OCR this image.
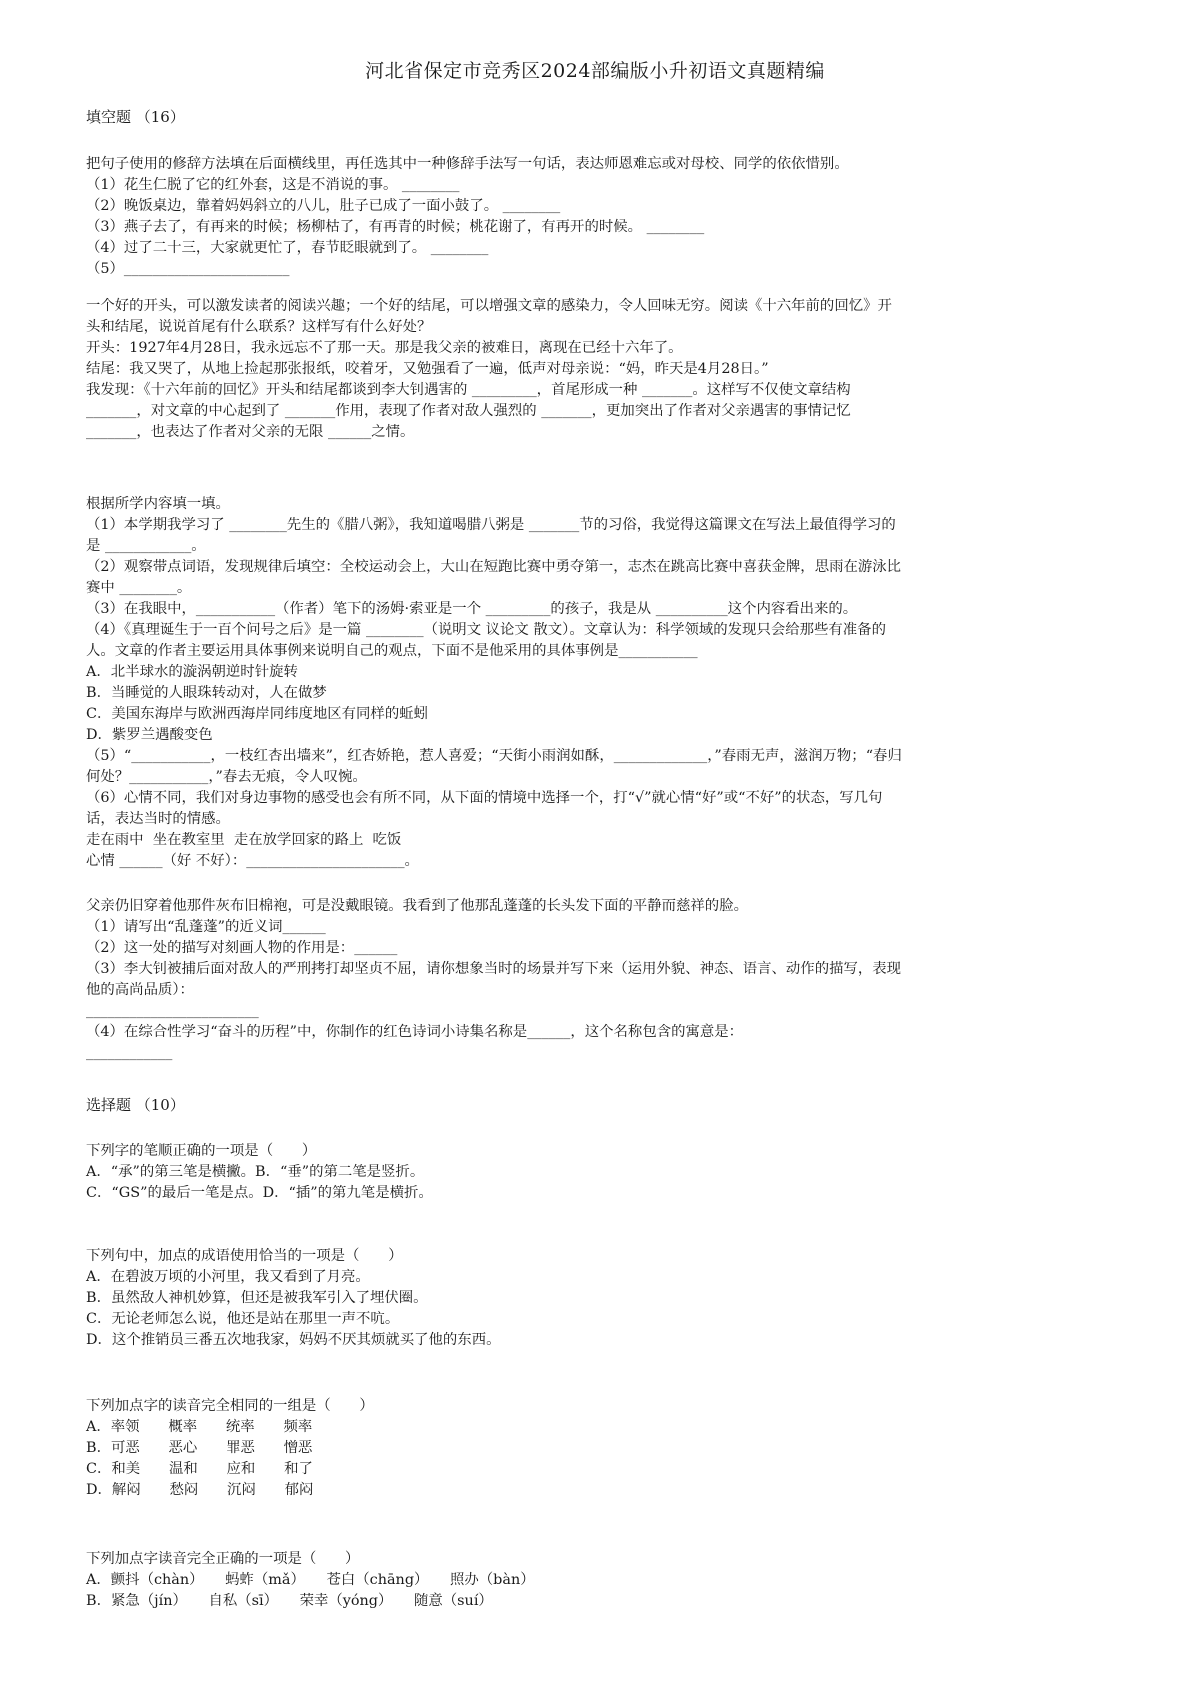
河北省保定市竞秀区2024部编版小升初语文真题精编
填空题 （16）
把句子使用的修辞方法填在后面横线里，再任选其中一种修辞手法写一句话，表达师恩难忘或对母校、同学的依依惜别。
（1）花生仁脱了它的红外套，这是不消说的事。 ________
（2）晚饭桌边，靠着妈妈斜立的八儿，肚子已成了一面小鼓了。 ________
（3）燕子去了，有再来的时候；杨柳枯了，有再青的时候；桃花谢了，有再开的时候。 ________
（4）过了二十三，大家就更忙了，春节眨眼就到了。 ________
（5）_______________________
一个好的开头，可以激发读者的阅读兴趣；一个好的结尾，可以增强文章的感染力，令人回味无穷。阅读《十六年前的回忆》开
头和结尾，说说首尾有什么联系？这样写有什么好处？
开头：1927年4月28日，我永远忘不了那一天。那是我父亲的被难日，离现在已经十六年了。
结尾：我又哭了，从地上捡起那张报纸，咬着牙，又勉强看了一遍，低声对母亲说：“妈，昨天是4月28日。”
我发现：《十六年前的回忆》开头和结尾都谈到李大钊遇害的 _________，首尾形成一种 _______。这样写不仅使文章结构
_______，对文章的中心起到了 _______作用，表现了作者对敌人强烈的 _______，更加突出了作者对父亲遇害的事情记忆
_______，也表达了作者对父亲的无限 ______之情。
根据所学内容填一填。
（1）本学期我学习了 ________先生的《腊八粥》，我知道喝腊八粥是 _______节的习俗，我觉得这篇课文在写法上最值得学习的
是 ____________。
（2）观察带点词语，发现规律后填空：全校运动会上，大山在短跑比赛中勇夺第一，志杰在跳高比赛中喜获金牌，思雨在游泳比
赛中 ________。
（3）在我眼中，___________（作者）笔下的汤姆·索亚是一个 _________的孩子，我是从 __________这个内容看出来的。
（4）《真理诞生于一百个问号之后》是一篇 ________（说明文 议论文 散文）。文章认为：科学领域的发现只会给那些有准备的
人。文章的作者主要运用具体事例来说明自己的观点，下面不是他采用的具体事例是___________
A．北半球水的漩涡朝逆时针旋转
B．当睡觉的人眼珠转动对，人在做梦
C．美国东海岸与欧洲西海岸同纬度地区有同样的蚯蚓
D．紫罗兰遇酸变色
（5）“___________，一枝红杏出墙来”，红杏娇艳，惹人喜爱；“天街小雨润如酥，_____________，”春雨无声，滋润万物；“春归
何处？___________，”春去无痕，令人叹惋。
（6）心情不同，我们对身边事物的感受也会有所不同，从下面的情境中选择一个，打“√”就心情“好”或“不好”的状态，写几句
话，表达当时的情感。
走在雨中  坐在教室里  走在放学回家的路上  吃饭
心情 ______（好 不好）：______________________。
父亲仍旧穿着他那件灰布旧棉袍，可是没戴眼镜。我看到了他那乱蓬蓬的长头发下面的平静而慈祥的脸。
（1）请写出“乱蓬蓬”的近义词______
（2）这一处的描写对刻画人物的作用是：______
（3）李大钊被捕后面对敌人的严刑拷打却坚贞不屈，请你想象当时的场景并写下来（运用外貌、神态、语言、动作的描写，表现
他的高尚品质）：
________________________
（4）在综合性学习“奋斗的历程”中，你制作的红色诗词小诗集名称是______，这个名称包含的寓意是：
____________
选择题 （10）
下列字的笔顺正确的一项是（　　）
A．“承”的第三笔是横撇。B．“垂”的第二笔是竖折。
C．“GS”的最后一笔是点。D．“插”的第九笔是横折。
下列句中，加点的成语使用恰当的一项是（　　）
A．在碧波万顷的小河里，我又看到了月亮。
B．虽然敌人神机妙算，但还是被我军引入了埋伏圈。
C．无论老师怎么说，他还是站在那里一声不吭。
D．这个推销员三番五次地我家，妈妈不厌其烦就买了他的东西。
下列加点字的读音完全相同的一组是（　　）
A．率领　　概率　　统率　　频率
B．可恶　　恶心　　罪恶　　憎恶
C．和美　　温和　　应和　　和了
D．解闷　　愁闷　　沉闷　　郁闷
下列加点字读音完全正确的一项是（　　）
A．颤抖（chàn）　　蚂蚱（mǎ）　　苍白（chāng）　　照办（bàn）
B．紧急（jín）　　自私（sī）　　荣幸（yóng）　　随意（suí）
